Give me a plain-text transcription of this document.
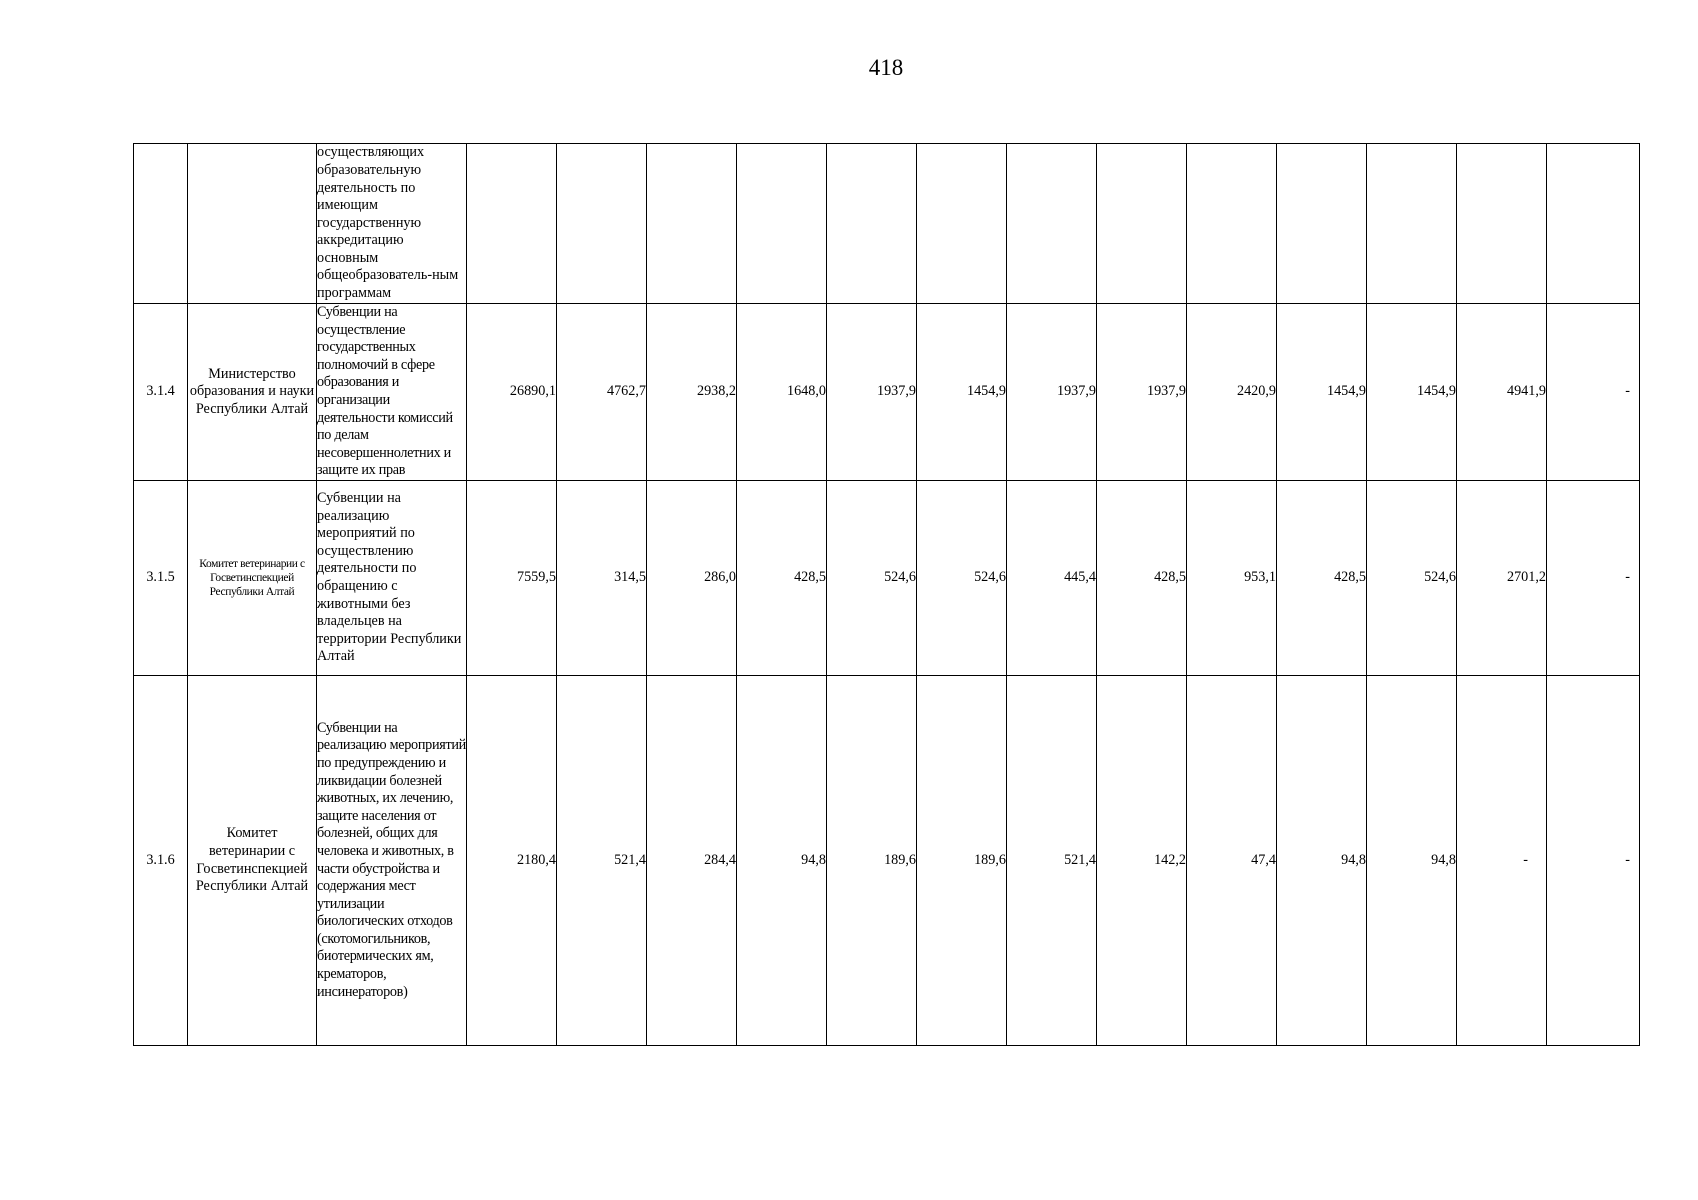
418
		осуществляющих образовательную деятельность по имеющим государственную аккредитацию основным общеобразователь-ным программам													
3.1.4	Министерство образования и науки Республики Алтай	Субвенции на осуществление государственных полномочий в сфере образования и организации деятельности комиссий по делам несовершеннолетних и защите их прав	26890,1	4762,7	2938,2	1648,0	1937,9	1454,9	1937,9	1937,9	2420,9	1454,9	1454,9	4941,9	-
3.1.5	Комитет ветеринарии с Госветинспекцией Республики Алтай	Субвенции на реализацию мероприятий по осуществлению деятельности по обращению с животными без владельцев на территории Республики Алтай	7559,5	314,5	286,0	428,5	524,6	524,6	445,4	428,5	953,1	428,5	524,6	2701,2	-
3.1.6	Комитет ветеринарии с Госветинспекцией Республики Алтай	Субвенции на реализацию мероприятий по предупреждению и ликвидации болезней животных, их лечению, защите населения от болезней, общих для человека и животных, в части обустройства и содержания мест утилизации биологических отходов (скотомогильников, биотермических ям, крематоров, инсинераторов)	2180,4	521,4	284,4	94,8	189,6	189,6	521,4	142,2	47,4	94,8	94,8	-	-
